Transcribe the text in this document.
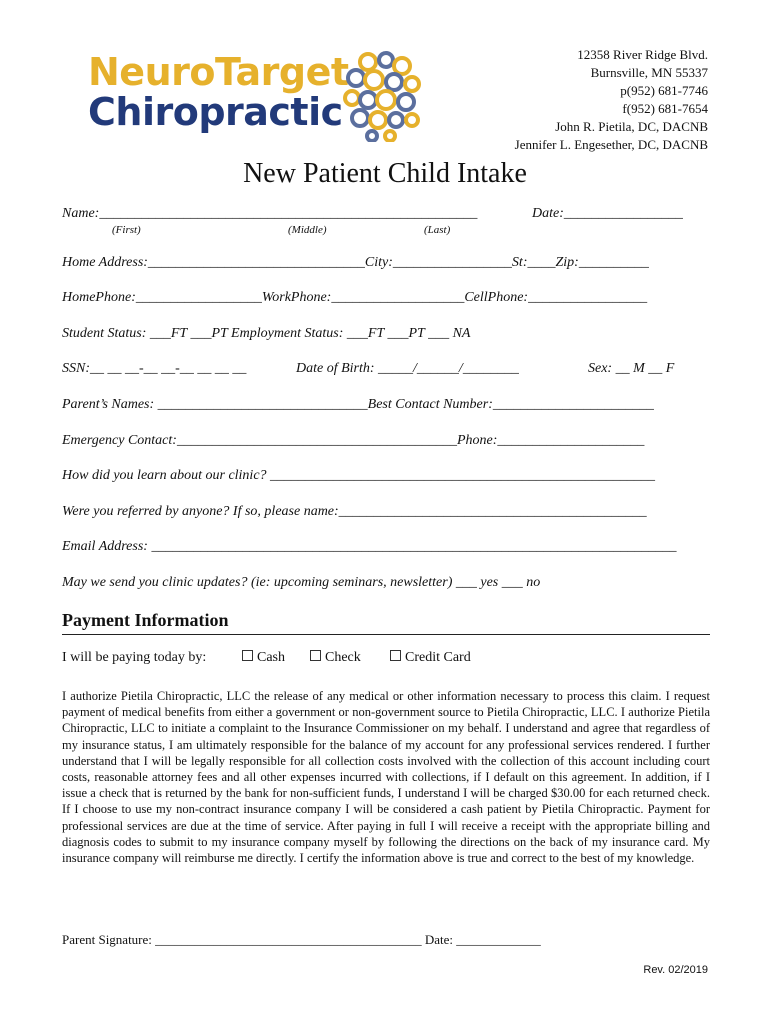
NeuroTarget
Chiropractic
12358 River Ridge Blvd.
Burnsville, MN 55337
p(952) 681-7746
f(952) 681-7654
John R. Pietila, DC, DACNB
Jennifer L. Engesether, DC, DACNB
New Patient Child Intake
Name:______________________________________________________	Date:_________________
(First)	(Middle)	(Last)
Home Address:_______________________________City:_________________St:____Zip:__________
HomePhone:__________________WorkPhone:___________________CellPhone:_________________
Student Status: ___FT ___PT Employment Status: ___FT ___PT ___ NA
SSN:__ __ __-__ __-__ __ __ __	Date of Birth: _____/______/________	Sex: __ M __ F
Parent’s Names: ______________________________Best Contact Number:_______________________
Emergency Contact:________________________________________Phone:_____________________
How did you learn about our clinic? _______________________________________________________
Were you referred by anyone? If so, please name:____________________________________________
Email Address: ___________________________________________________________________________
May we send you clinic updates? (ie: upcoming seminars, newsletter) ___ yes ___ no
Payment Information
I will be paying today by:	Cash	Check	Credit Card
I authorize Pietila Chiropractic, LLC the release of any medical or other information necessary to process this claim. I request payment of medical benefits from either a government or non-government source to Pietila Chiropractic, LLC. I authorize Pietila Chiropractic, LLC to initiate a complaint to the Insurance Commissioner on my behalf. I understand and agree that regardless of my insurance status, I am ultimately responsible for the balance of my account for any professional services rendered. I further understand that I will be legally responsible for all collection costs involved with the collection of this account including court costs, reasonable attorney fees and all other expenses incurred with collections, if I default on this agreement. In addition, if I issue a check that is returned by the bank for non-sufficient funds, I understand I will be charged $30.00 for each returned check. If I choose to use my non-contract insurance company I will be considered a cash patient by Pietila Chiropractic. Payment for professional services are due at the time of service. After paying in full I will receive a receipt with the appropriate billing and diagnosis codes to submit to my insurance company myself by following the directions on the back of my insurance card. My insurance company will reimburse me directly. I certify the information above is true and correct to the best of my knowledge.
Parent Signature: _________________________________________ Date: _____________
Rev. 02/2019
